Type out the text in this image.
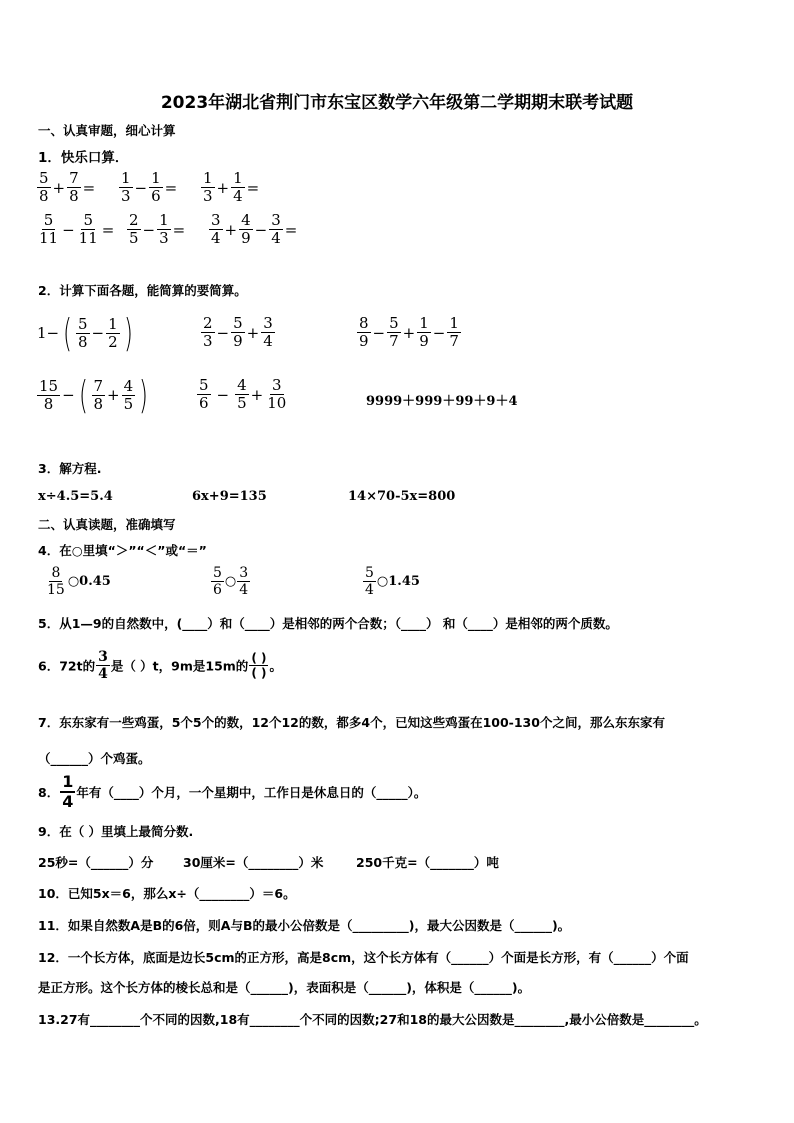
2023年湖北省荆门市东宝区数学六年级第二学期期末联考试题
一、认真审题，细心计算
1．快乐口算．
$\frac{5}{8} + \frac{7}{8} = \frac{1}{3} - \frac{1}{6} = \frac{1}{3} + \frac{1}{4}$ =
$\frac{5}{11} - \frac{5}{11} = \frac{2}{5} - \frac{1}{3} = \frac{3}{4} + \frac{4}{9} - \frac{3}{4}$ =
2．计算下面各题，能简算的要简算。
1− ( $\frac{5}{8} - \frac{1}{2}$ )	$\frac{2}{3} - \frac{5}{9} + \frac{3}{4}$	$\frac{8}{9} - \frac{5}{7} + \frac{1}{9} - \frac{1}{7}$
$\frac{15}{8}$ − ( $\frac{7}{8} + \frac{4}{5}$ )	$\frac{5}{6} - \frac{4}{5} + \frac{3}{10}$	9999＋999＋99＋9＋4
3．解方程.
x÷4.5=5.4	6x+9=135	14×70-5x=800
二、认真读题，准确填写
4．在○里填“＞”“＜”或“＝”
$\frac{8}{15}$ ○0.45	$\frac{5}{6}$ ○ $\frac{3}{4}$	$\frac{5}{4}$ ○1.45
5．从1—9的自然数中，(____）和（____）是相邻的两个合数；（____） 和（____）是相邻的两个质数。
6．72t的 $\frac{3}{4}$ 是（ ）t，9m是15m的 $\frac{( )}{( )}$ 。
7．东东家有一些鸡蛋，5个5个的数，12个12的数，都多4个，已知这些鸡蛋在100-130个之间，那么东东家有
（______）个鸡蛋。
8． $\frac{1}{4}$ 年有（____）个月，一个星期中，工作日是休息日的（_____）。
9．在（ ）里填上最简分数.
25秒=（______）分 30厘米=（________）米	250千克=（_______）吨
10．已知5x＝6，那么x÷（________）＝6。
11．如果自然数A是B的6倍，则A与B的最小公倍数是（_________)，最大公因数是（______)。
12．一个长方体，底面是边长5cm的正方形，高是8cm，这个长方体有（______）个面是长方形，有（______）个面
是正方形。这个长方体的棱长总和是（______)，表面积是（______)，体积是（______)。
13.27有________个不同的因数,18有________个不同的因数;27和18的最大公因数是________,最小公倍数是________。
